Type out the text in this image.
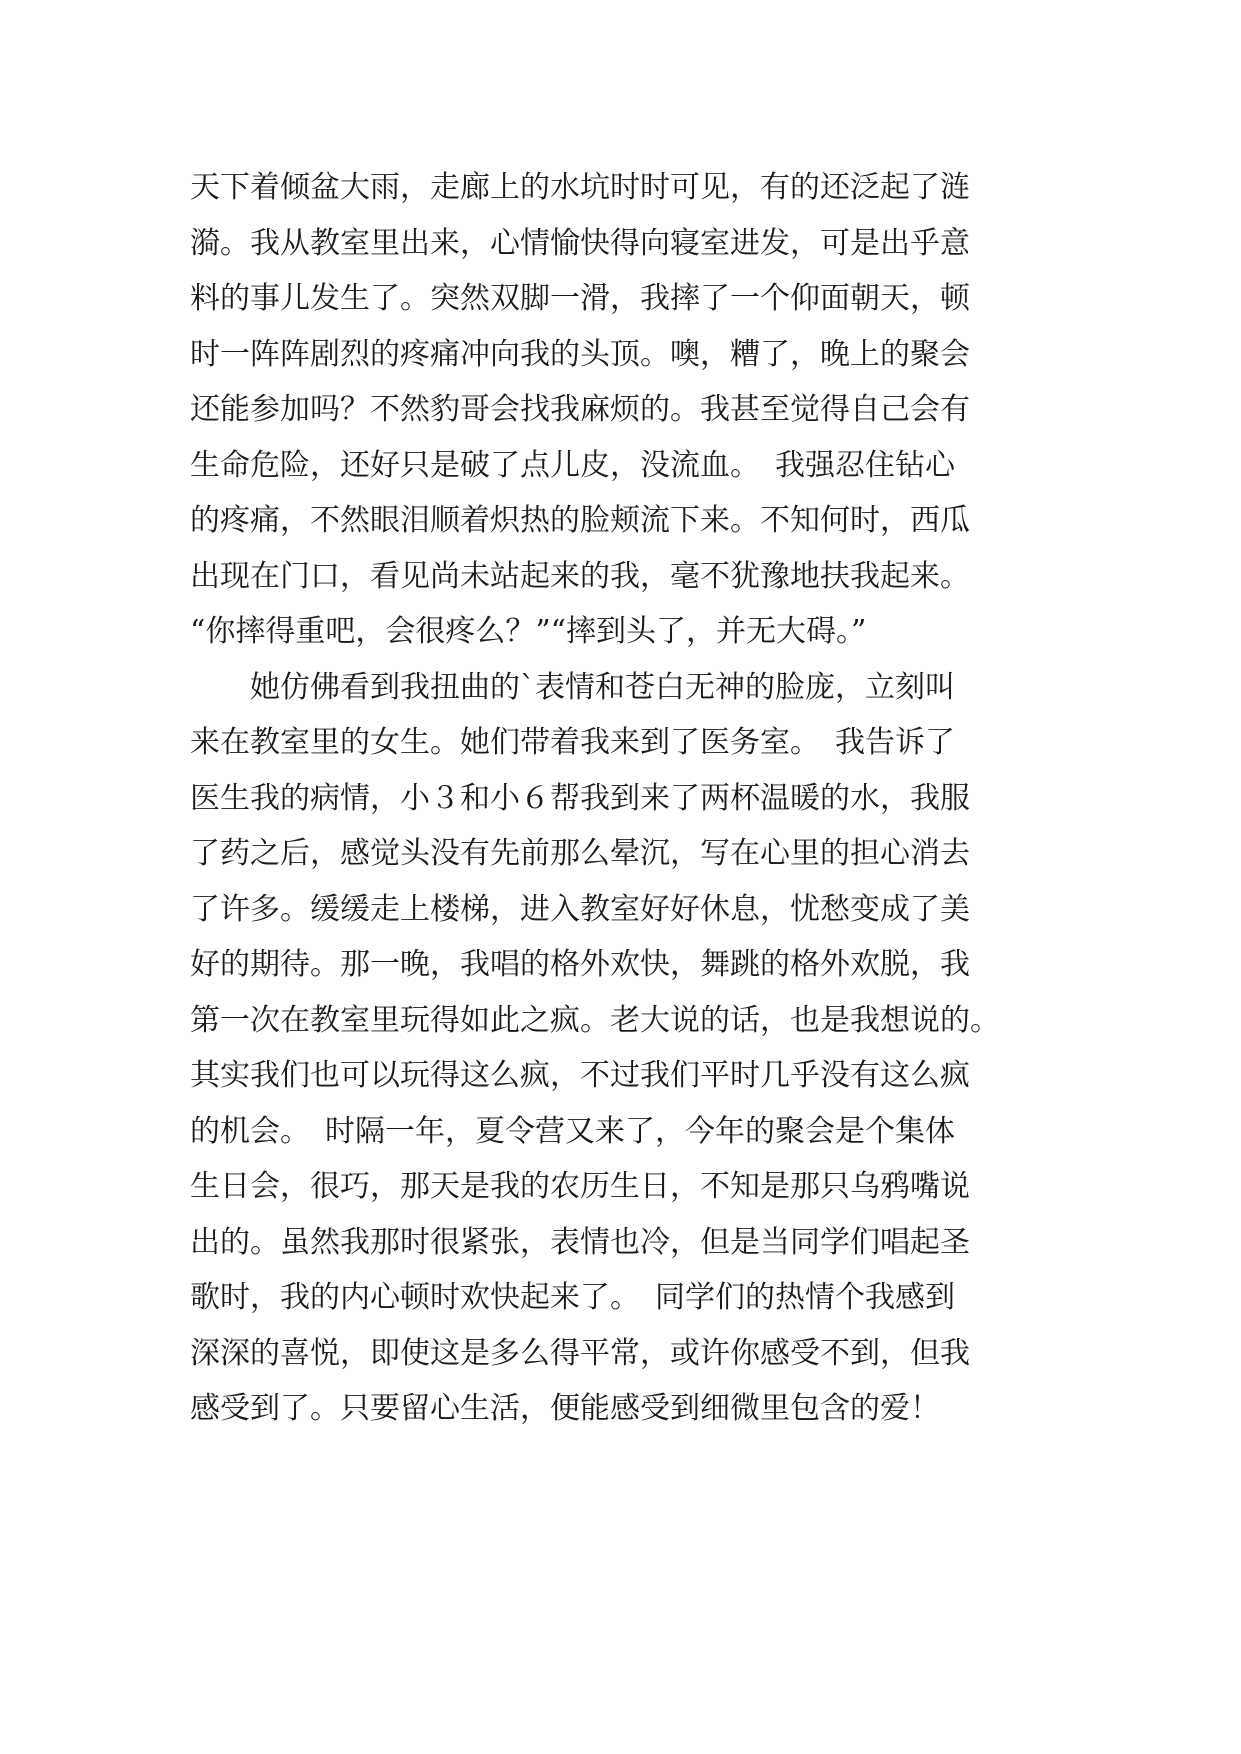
天下着倾盆大雨，走廊上的水坑时时可见，有的还泛起了涟
漪。我从教室里出来，心情愉快得向寝室进发，可是出乎意
料的事儿发生了。突然双脚一滑，我摔了一个仰面朝天，顿
时一阵阵剧烈的疼痛冲向我的头顶。噢，糟了，晚上的聚会
还能参加吗？不然豹哥会找我麻烦的。我甚至觉得自己会有
生命危险，还好只是破了点儿皮，没流血。　我强忍住钻心
的疼痛，不然眼泪顺着炽热的脸颊流下来。不知何时，西瓜
出现在门口，看见尚未站起来的我，毫不犹豫地扶我起来。
“你摔得重吧，会很疼么？”“摔到头了，并无大碍。”
　　她仿佛看到我扭曲的`表情和苍白无神的脸庞，立刻叫
来在教室里的女生。她们带着我来到了医务室。　我告诉了
医生我的病情，小３和小６帮我到来了两杯温暖的水，我服
了药之后，感觉头没有先前那么晕沉，写在心里的担心消去
了许多。缓缓走上楼梯，进入教室好好休息，忧愁变成了美
好的期待。那一晚，我唱的格外欢快，舞跳的格外欢脱，我
第一次在教室里玩得如此之疯。老大说的话，也是我想说的。
其实我们也可以玩得这么疯，不过我们平时几乎没有这么疯
的机会。　时隔一年，夏令营又来了，今年的聚会是个集体
生日会，很巧，那天是我的农历生日，不知是那只乌鸦嘴说
出的。虽然我那时很紧张，表情也冷，但是当同学们唱起圣
歌时，我的内心顿时欢快起来了。　同学们的热情个我感到
深深的喜悦，即使这是多么得平常，或许你感受不到，但我
感受到了。只要留心生活，便能感受到细微里包含的爱！
